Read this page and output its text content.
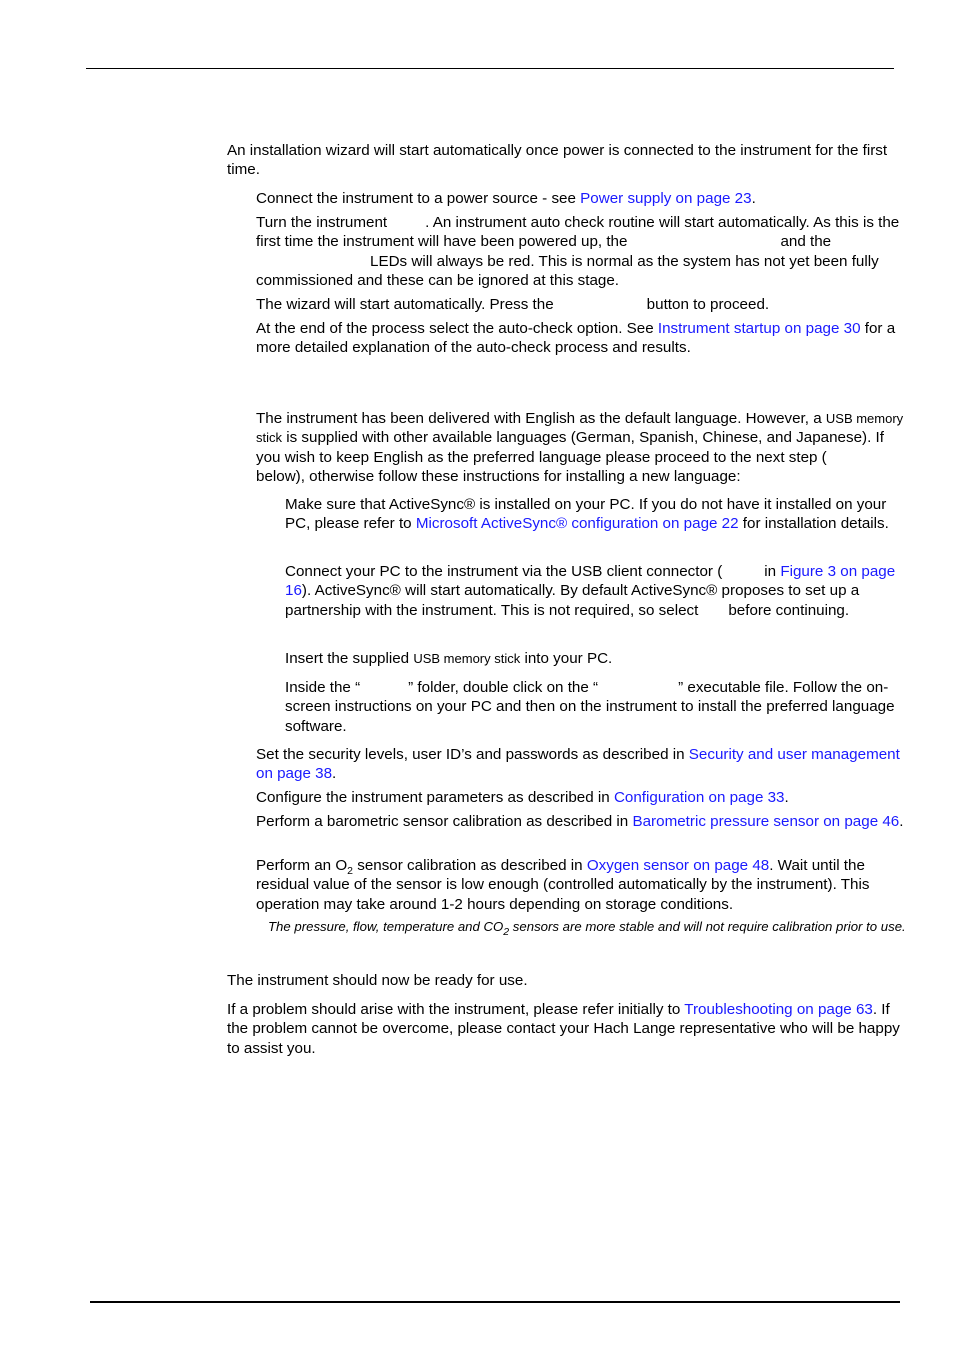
An installation wizard will start automatically once power is connected to the instrument for the first time.
Connect the instrument to a power source - see Power supply on page 23.
Turn the instrument	. An instrument auto check routine will start automatically. As this is the first time the instrument will have been powered up, the	and the
LEDs will always be red. This is normal as the system has not yet been fully commissioned and these can be ignored at this stage.
The wizard will start automatically. Press the	button to proceed.
At the end of the process select the auto-check option. See Instrument startup on page 30 for a more detailed explanation of the auto-check process and results.
The instrument has been delivered with English as the default language. However, a USB memory stick is supplied with other available languages (German, Spanish, Chinese, and Japanese). If you wish to keep English as the preferred language please proceed to the next step (below), otherwise follow these instructions for installing a new language:
Make sure that ActiveSync® is installed on your PC. If you do not have it installed on your PC, please refer to Microsoft ActiveSync® configuration on page 22 for installation details.
Connect your PC to the instrument via the USB client connector (	in Figure 3 on page 16). ActiveSync® will start automatically. By default ActiveSync® proposes to set up a partnership with the instrument. This is not required, so select before continuing.
Insert the supplied USB memory stick into your PC.
Inside the “	” folder, double click on the “	” executable file. Follow the on-screen instructions on your PC and then on the instrument to install the preferred language software.
Set the security levels, user ID’s and passwords as described in Security and user management on page 38.
Configure the instrument parameters as described in Configuration on page 33.
Perform a barometric sensor calibration as described in Barometric pressure sensor on page 46.
Perform an $O_2$ sensor calibration as described in Oxygen sensor on page 48. Wait until the residual value of the sensor is low enough (controlled automatically by the instrument). This operation may take around 1-2 hours depending on storage conditions.
The pressure, flow, temperature and $CO_2$ sensors are more stable and will not require calibration prior to use.
The instrument should now be ready for use.
If a problem should arise with the instrument, please refer initially to Troubleshooting on page 63. If the problem cannot be overcome, please contact your Hach Lange representative who will be happy to assist you.
